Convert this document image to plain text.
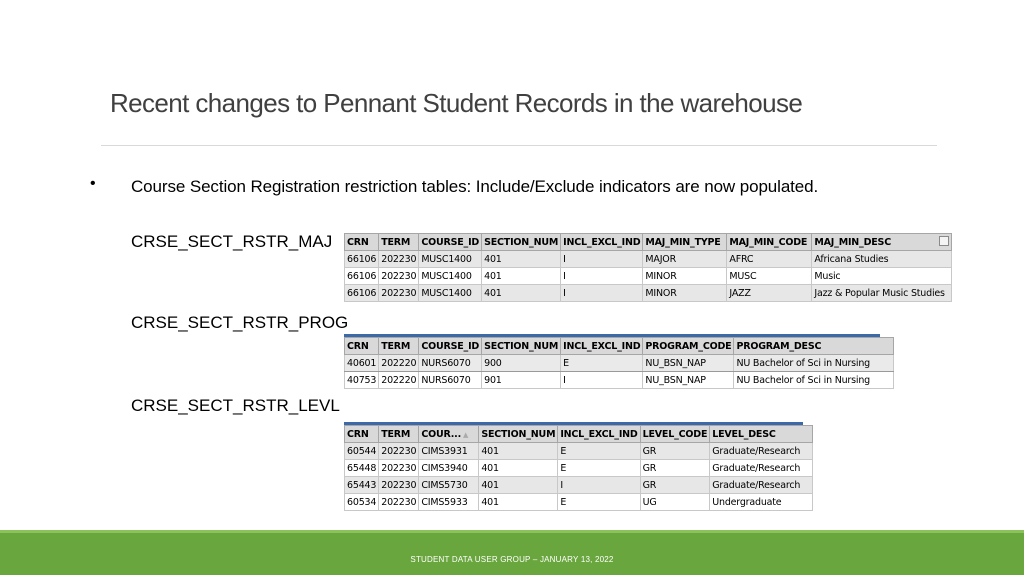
Recent changes to Pennant Student Records in the warehouse
• Course Section Registration restriction tables: Include/Exclude indicators are now populated.
CRSE_SECT_RSTR_MAJ CRN	TERM	COURSE_ID	SECTION_NUM	INCL_EXCL_IND	MAJ_MIN_TYPE	MAJ_MIN_CODE	MAJ_MIN_DESC
66106	202230	MUSC1400	401	I	MAJOR	AFRC	Africana Studies
66106	202230	MUSC1400	401	I	MINOR	MUSC	Music
66106	202230	MUSC1400	401	I	MINOR	JAZZ	Jazz & Popular Music Studies
CRSE_SECT_RSTR_PROG
CRN	TERM	COURSE_ID	SECTION_NUM	INCL_EXCL_IND	PROGRAM_CODE	PROGRAM_DESC
40601	202220	NURS6070	900	E	NU_BSN_NAP	NU Bachelor of Sci in Nursing
40753	202220	NURS6070	901	I	NU_BSN_NAP	NU Bachelor of Sci in Nursing
CRSE_SECT_RSTR_LEVL
CRN	TERM	COUR... ▲	SECTION_NUM	INCL_EXCL_IND	LEVEL_CODE	LEVEL_DESC
60544	202230	CIMS3931	401	E	GR	Graduate/Research
65448	202230	CIMS3940	401	E	GR	Graduate/Research
65443	202230	CIMS5730	401	I	GR	Graduate/Research
60534	202230	CIMS5933	401	E	UG	Undergraduate
STUDENT DATA USER GROUP – JANUARY 13, 2022
